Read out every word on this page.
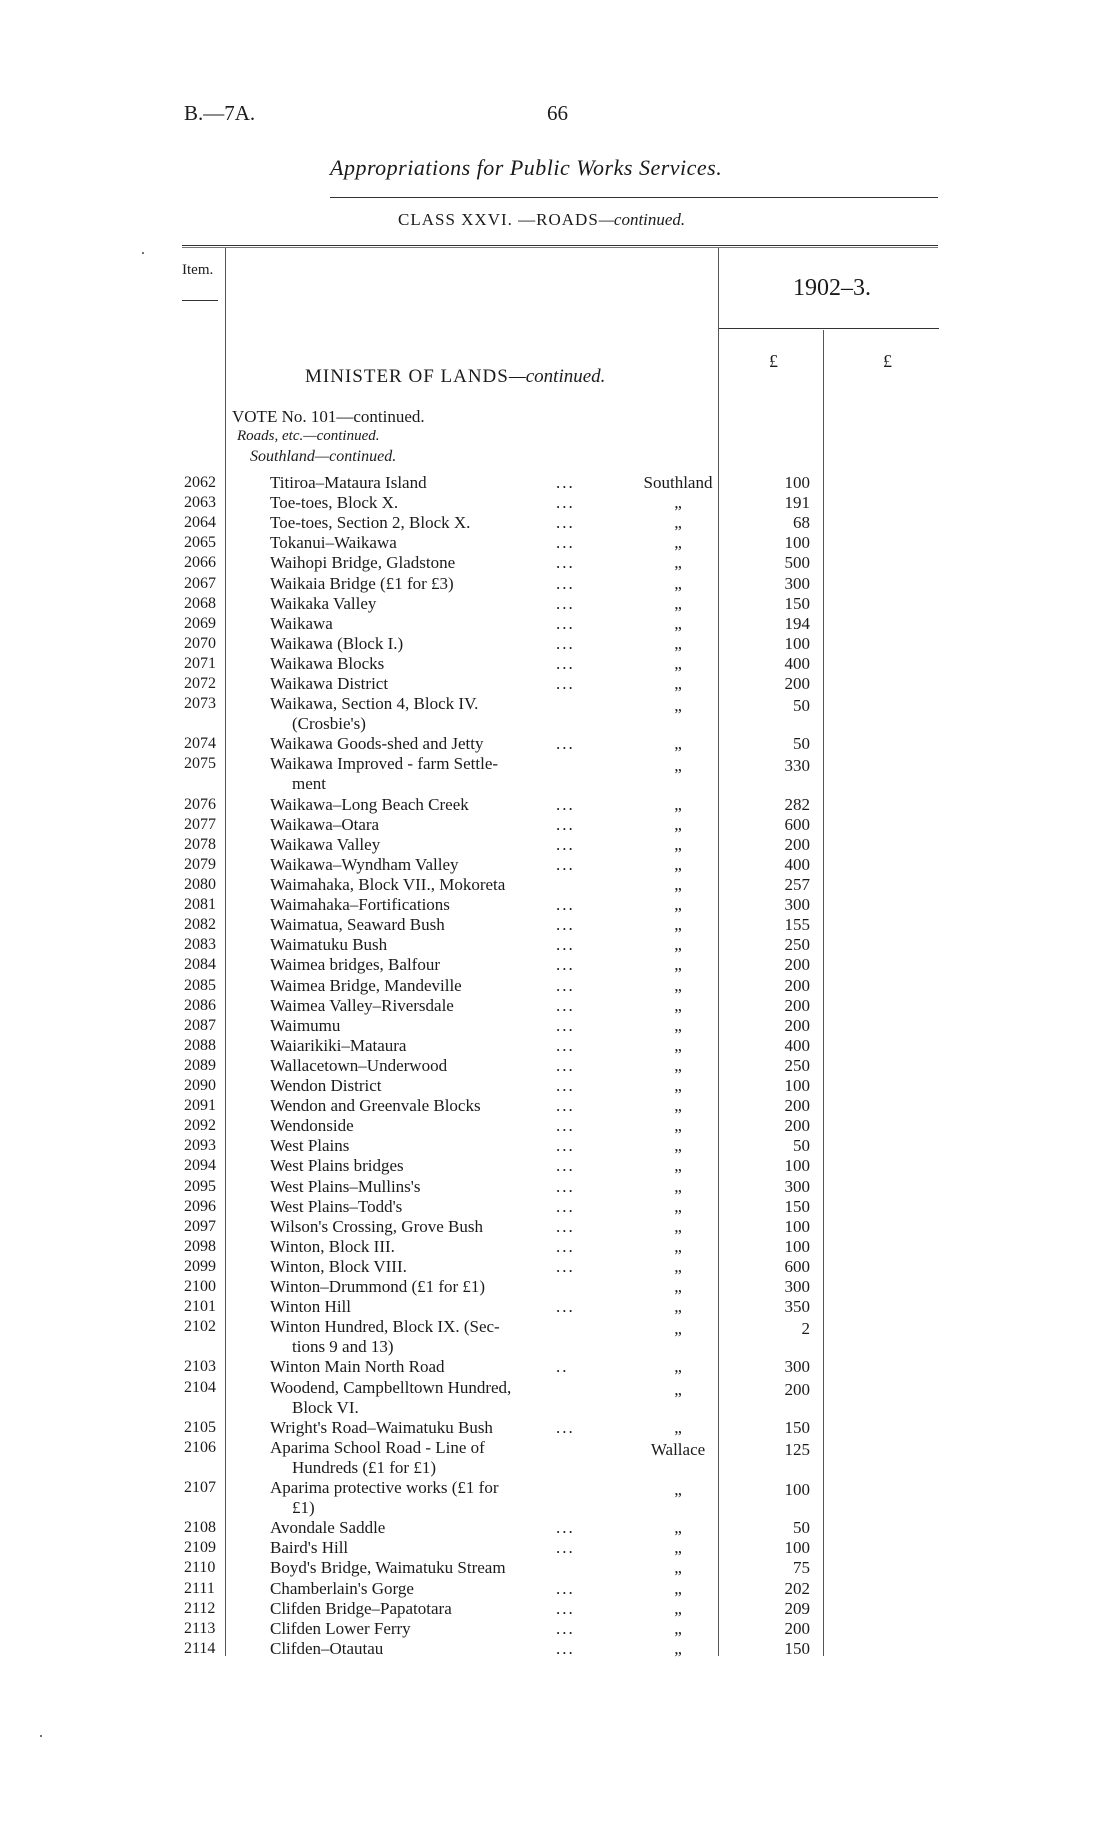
B.—7A.	66
Appropriations for Public Works Services.
CLASS XXVI. —ROADS—continued.
Item.
1902–3.
£	£
MINISTER OF LANDS—continued.
VOTE No. 101—continued.
Roads, etc.—continued.
Southland—continued.
2062	Titiroa–Mataura Island	...	Southland	100
2063	Toe-toes, Block X.	...	„	191
2064	Toe-toes, Section 2, Block X.	...	„	68
2065	Tokanui–Waikawa	...	„	100
2066	Waihopi Bridge, Gladstone	...	„	500
2067	Waikaia Bridge (£1 for £3)	...	„	300
2068	Waikaka Valley	...	„	150
2069	Waikawa	...	„	194
2070	Waikawa (Block I.)	...	„	100
2071	Waikawa Blocks	...	„	400
2072	Waikawa District	...	„	200
2073	Waikawa, Section 4, Block IV.
(Crosbie's)
„	50
2074	Waikawa Goods-shed and Jetty	...	„	50
2075	Waikawa Improved - farm Settle-
ment
„	330
2076	Waikawa–Long Beach Creek	...	„	282
2077	Waikawa–Otara	...	„	600
2078	Waikawa Valley	...	„	200
2079	Waikawa–Wyndham Valley	...	„	400
2080	Waimahaka, Block VII., Mokoreta	„	257
2081	Waimahaka–Fortifications	...	„	300
2082	Waimatua, Seaward Bush	...	„	155
2083	Waimatuku Bush	...	„	250
2084	Waimea bridges, Balfour	...	„	200
2085	Waimea Bridge, Mandeville	...	„	200
2086	Waimea Valley–Riversdale	...	„	200
2087	Waimumu	...	„	200
2088	Waiarikiki–Mataura	...	„	400
2089	Wallacetown–Underwood	...	„	250
2090	Wendon District	...	„	100
2091	Wendon and Greenvale Blocks	...	„	200
2092	Wendonside	...	„	200
2093	West Plains	...	„	50
2094	West Plains bridges	...	„	100
2095	West Plains–Mullins's	...	„	300
2096	West Plains–Todd's	...	„	150
2097	Wilson's Crossing, Grove Bush	...	„	100
2098	Winton, Block III.	...	„	100
2099	Winton, Block VIII.	...	„	600
2100	Winton–Drummond (£1 for £1)	„	300
2101	Winton Hill	...	„	350
2102	Winton Hundred, Block IX. (Sec-
tions 9 and 13)
„	2
2103	Winton Main North Road	..	„	300
2104	Woodend, Campbelltown Hundred,
Block VI.
„	200
2105	Wright's Road–Waimatuku Bush	...	„	150
2106	Aparima School Road - Line of
Hundreds (£1 for £1)
Wallace	125
2107	Aparima protective works (£1 for
£1)
„	100
2108	Avondale Saddle	...	„	50
2109	Baird's Hill	...	„	100
2110	Boyd's Bridge, Waimatuku Stream	„	75
2111	Chamberlain's Gorge	...	„	202
2112	Clifden Bridge–Papatotara	...	„	209
2113	Clifden Lower Ferry	...	„	200
2114	Clifden–Otautau	...	„	150
